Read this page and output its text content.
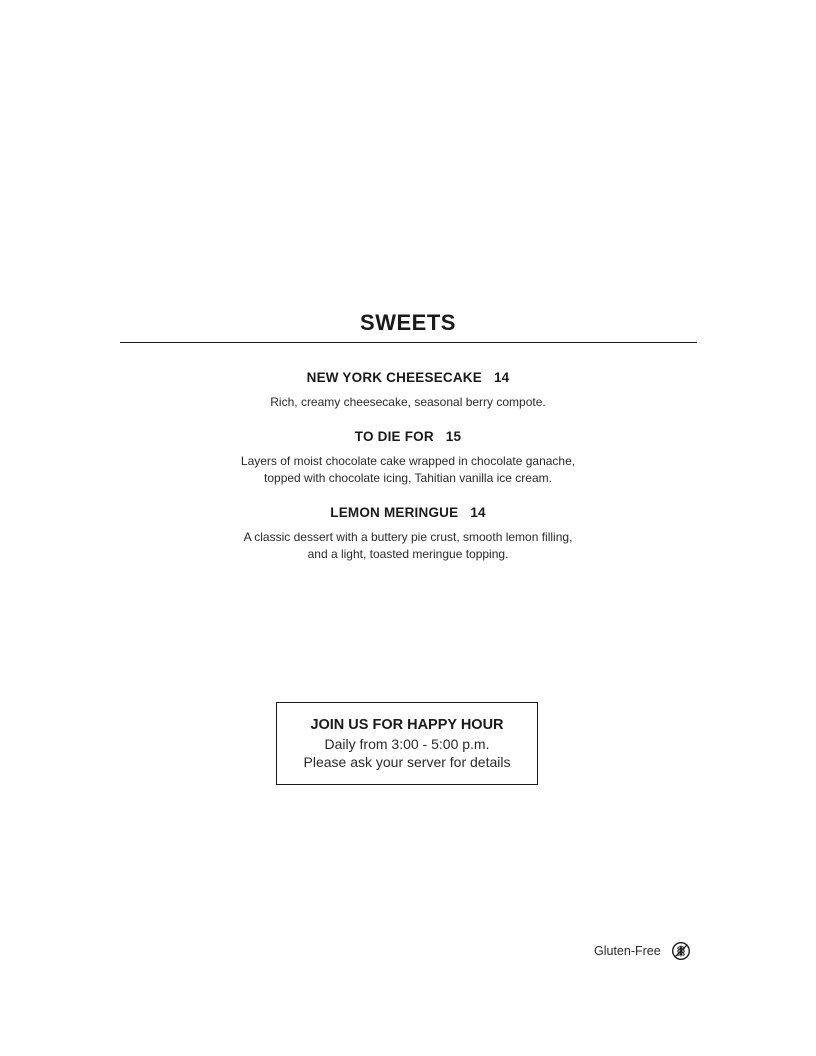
SWEETS
NEW YORK CHEESECAKE 14
Rich, creamy cheesecake, seasonal berry compote.
TO DIE FOR 15
Layers of moist chocolate cake wrapped in chocolate ganache,
topped with chocolate icing, Tahitian vanilla ice cream.
LEMON MERINGUE 14
A classic dessert with a buttery pie crust, smooth lemon filling,
and a light, toasted meringue topping.
JOIN US FOR HAPPY HOUR
Daily from 3:00 - 5:00 p.m.
Please ask your server for details
Gluten-Free
